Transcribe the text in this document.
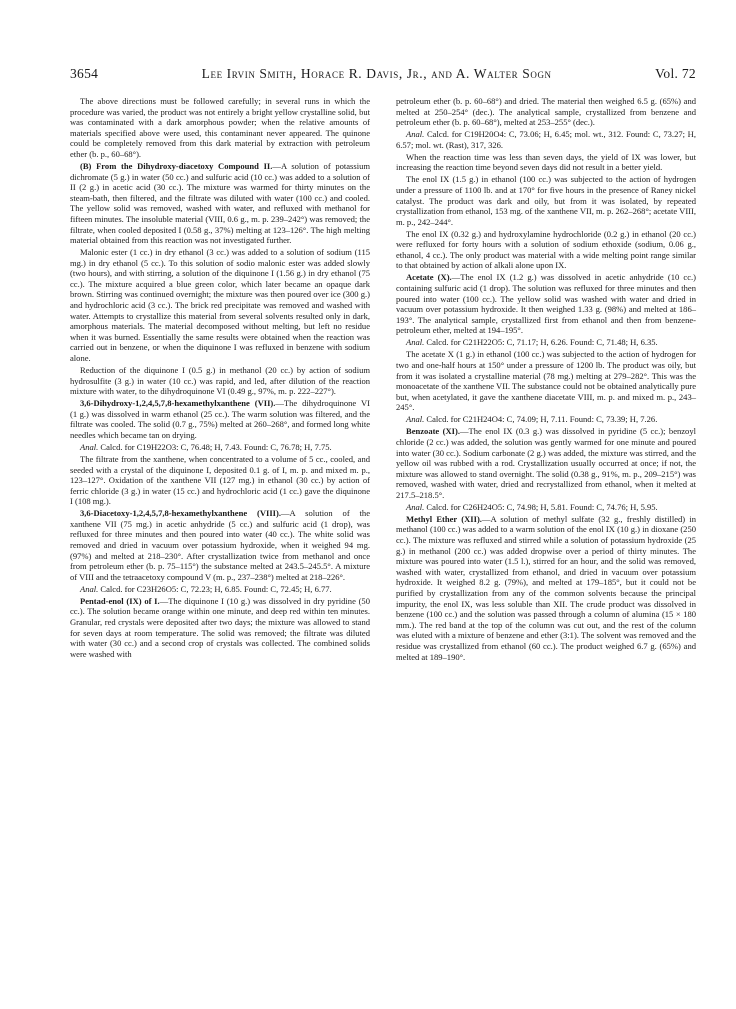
3654	Lee Irvin Smith, Horace R. Davis, Jr., and A. Walter Sogn	Vol. 72

The above directions must be followed carefully; in several runs in which the procedure was varied, the product was not entirely a bright yellow crystalline solid, but was contaminated with a dark amorphous powder; when the relative amounts of materials specified above were used, this contaminant never appeared. The quinone could be completely removed from this dark material by extraction with petroleum ether (b. p., 60–68°).

(B) From the Dihydroxy-diacetoxy Compound II.—A solution of potassium dichromate (5 g.) in water (50 cc.) and sulfuric acid (10 cc.) was added to a solution of II (2 g.) in acetic acid (30 cc.). The mixture was warmed for thirty minutes on the steam-bath, then filtered, and the filtrate was diluted with water (100 cc.) and cooled. The yellow solid was removed, washed with water, and refluxed with methanol for fifteen minutes. The insoluble material (VIII, 0.6 g., m. p. 239–242°) was removed; the filtrate, when cooled deposited I (0.58 g., 37%) melting at 123–126°. The high melting material obtained from this reaction was not investigated further.

Malonic ester (1 cc.) in dry ethanol (3 cc.) was added to a solution of sodium (115 mg.) in dry ethanol (5 cc.). To this solution of sodio malonic ester was added slowly (two hours), and with stirring, a solution of the diquinone I (1.56 g.) in dry ethanol (75 cc.). The mixture acquired a blue green color, which later became an opaque dark brown. Stirring was continued overnight; the mixture was then poured over ice (300 g.) and hydrochloric acid (3 cc.). The brick red precipitate was removed and washed with water. Attempts to crystallize this material from several solvents resulted only in dark, amorphous materials. The material decomposed without melting, but left no residue when it was burned. Essentially the same results were obtained when the reaction was carried out in benzene, or when the diquinone I was refluxed in benzene with sodium alone.

Reduction of the diquinone I (0.5 g.) in methanol (20 cc.) by action of sodium hydrosulfite (3 g.) in water (10 cc.) was rapid, and led, after dilution of the reaction mixture with water, to the dihydroquinone VI (0.49 g., 97%, m. p. 222–227°).

3,6-Dihydroxy-1,2,4,5,7,8-hexamethylxanthene (VII).—The dihydroquinone VI (1 g.) was dissolved in warm ethanol (25 cc.). The warm solution was filtered, and the filtrate was cooled. The solid (0.7 g., 75%) melted at 260–268°, and formed long white needles which became tan on drying.

Anal. Calcd. for C19H22O3: C, 76.48; H, 7.43. Found: C, 76.78; H, 7.75.

The filtrate from the xanthene, when concentrated to a volume of 5 cc., cooled, and seeded with a crystal of the diquinone I, deposited 0.1 g. of I, m. p. and mixed m. p., 123–127°. Oxidation of the xanthene VII (127 mg.) in ethanol (30 cc.) by action of ferric chloride (3 g.) in water (15 cc.) and hydrochloric acid (1 cc.) gave the diquinone I (108 mg.).

3,6-Diacetoxy-1,2,4,5,7,8-hexamethylxanthene (VIII).—A solution of the xanthene VII (75 mg.) in acetic anhydride (5 cc.) and sulfuric acid (1 drop), was refluxed for three minutes and then poured into water (40 cc.). The white solid was removed and dried in vacuum over potassium hydroxide, when it weighed 94 mg. (97%) and melted at 218–230°. After crystallization twice from methanol and once from petroleum ether (b. p. 75–115°) the substance melted at 243.5–245.5°. A mixture of VIII and the tetraacetoxy compound V (m. p., 237–238°) melted at 218–226°.

Anal. Calcd. for C23H26O5: C, 72.23; H, 6.85. Found: C, 72.45; H, 6.77.

Pentad-enol (IX) of I.—The diquinone I (10 g.) was dissolved in dry pyridine (50 cc.). The solution became orange within one minute, and deep red within ten minutes. Granular, red crystals were deposited after two days; the mixture was allowed to stand for seven days at room temperature. The solid was removed; the filtrate was diluted with water (30 cc.) and a second crop of crystals was collected. The combined solids were washed with

petroleum ether (b. p. 60–68°) and dried. The material then weighed 6.5 g. (65%) and melted at 250–254° (dec.). The analytical sample, crystallized from benzene and petroleum ether (b. p. 60–68°), melted at 253–255° (dec.).

Anal. Calcd. for C19H20O4: C, 73.06; H, 6.45; mol. wt., 312. Found: C, 73.27; H, 6.57; mol. wt. (Rast), 317, 326.

When the reaction time was less than seven days, the yield of IX was lower, but increasing the reaction time beyond seven days did not result in a better yield.

The enol IX (1.5 g.) in ethanol (100 cc.) was subjected to the action of hydrogen under a pressure of 1100 lb. and at 170° for five hours in the presence of Raney nickel catalyst. The product was dark and oily, but from it was isolated, by repeated crystallization from ethanol, 153 mg. of the xanthene VII, m. p. 262–268°; acetate VIII, m. p., 242–244°.

The enol IX (0.32 g.) and hydroxylamine hydrochloride (0.2 g.) in ethanol (20 cc.) were refluxed for forty hours with a solution of sodium ethoxide (sodium, 0.06 g., ethanol, 4 cc.). The only product was material with a wide melting point range similar to that obtained by action of alkali alone upon IX.

Acetate (X).—The enol IX (1.2 g.) was dissolved in acetic anhydride (10 cc.) containing sulfuric acid (1 drop). The solution was refluxed for three minutes and then poured into water (100 cc.). The yellow solid was washed with water and dried in vacuum over potassium hydroxide. It then weighed 1.33 g. (98%) and melted at 186–193°. The analytical sample, crystallized first from ethanol and then from benzene-petroleum ether, melted at 194–195°.

Anal. Calcd. for C21H22O5: C, 71.17; H, 6.26. Found: C, 71.48; H, 6.35.

The acetate X (1 g.) in ethanol (100 cc.) was subjected to the action of hydrogen for two and one-half hours at 150° under a pressure of 1200 lb. The product was oily, but from it was isolated a crystalline material (78 mg.) melting at 279–282°. This was the monoacetate of the xanthene VII. The substance could not be obtained analytically pure but, when acetylated, it gave the xanthene diacetate VIII, m. p. and mixed m. p., 243–245°.

Anal. Calcd. for C21H24O4: C, 74.09; H, 7.11. Found: C, 73.39; H, 7.26.

Benzoate (XI).—The enol IX (0.3 g.) was dissolved in pyridine (5 cc.); benzoyl chloride (2 cc.) was added, the solution was gently warmed for one minute and poured into water (30 cc.). Sodium carbonate (2 g.) was added, the mixture was stirred, and the yellow oil was rubbed with a rod. Crystallization usually occurred at once; if not, the mixture was allowed to stand overnight. The solid (0.38 g., 91%, m. p., 209–215°) was removed, washed with water, dried and recrystallized from ethanol, when it melted at 217.5–218.5°.

Anal. Calcd. for C26H24O5: C, 74.98; H, 5.81. Found: C, 74.76; H, 5.95.

Methyl Ether (XII).—A solution of methyl sulfate (32 g., freshly distilled) in methanol (100 cc.) was added to a warm solution of the enol IX (10 g.) in dioxane (250 cc.). The mixture was refluxed and stirred while a solution of potassium hydroxide (25 g.) in methanol (200 cc.) was added dropwise over a period of thirty minutes. The mixture was poured into water (1.5 l.), stirred for an hour, and the solid was removed, washed with water, crystallized from ethanol, and dried in vacuum over potassium hydroxide. It weighed 8.2 g. (79%), and melted at 179–185°, but it could not be purified by crystallization from any of the common solvents because the principal impurity, the enol IX, was less soluble than XII. The crude product was dissolved in benzene (100 cc.) and the solution was passed through a column of alumina (15 × 180 mm.). The red band at the top of the column was cut out, and the rest of the column was eluted with a mixture of benzene and ether (3:1). The solvent was removed and the residue was crystallized from ethanol (60 cc.). The product weighed 6.7 g. (65%) and melted at 189–190°.
